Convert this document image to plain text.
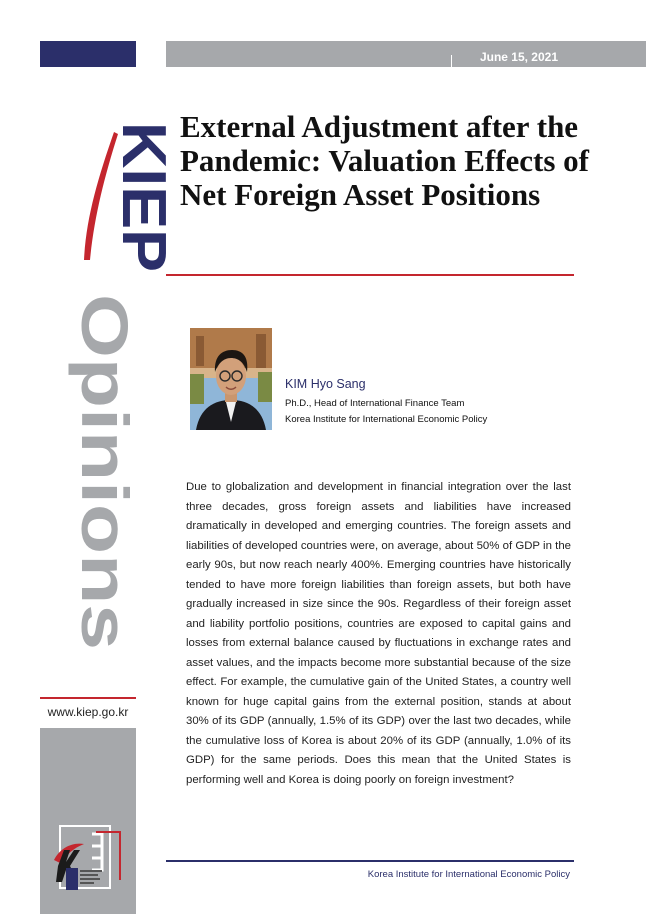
June 15, 2021
KIEP
Opinions
www.kiep.go.kr
External Adjustment after the Pandemic: Valuation Effects of Net Foreign Asset Positions
KIM Hyo Sang
Ph.D., Head of International Finance Team
Korea Institute for International Economic Policy

Due to globalization and development in financial integration over the last three decades, gross foreign assets and liabilities have increased dramatically in developed and emerging countries. The foreign assets and liabilities of developed countries were, on average, about 50% of GDP in the early 90s, but now reach nearly 400%. Emerging countries have historically tended to have more foreign liabilities than foreign assets, but both have gradually increased in size since the 90s. Regardless of their foreign asset and liability portfolio positions, countries are exposed to capital gains and losses from external balance caused by fluctuations in exchange rates and asset values, and the impacts become more substantial because of the size effect. For example, the cumulative gain of the United States, a country well known for huge capital gains from the external position, stands at about 30% of its GDP (annually, 1.5% of its GDP) over the last two decades, while the cumulative loss of Korea is about 20% of its GDP (annually, 1.0% of its GDP) for the same periods. Does this mean that the United States is performing well and Korea is doing poorly on foreign investment?

Korea Institute for International Economic Policy
